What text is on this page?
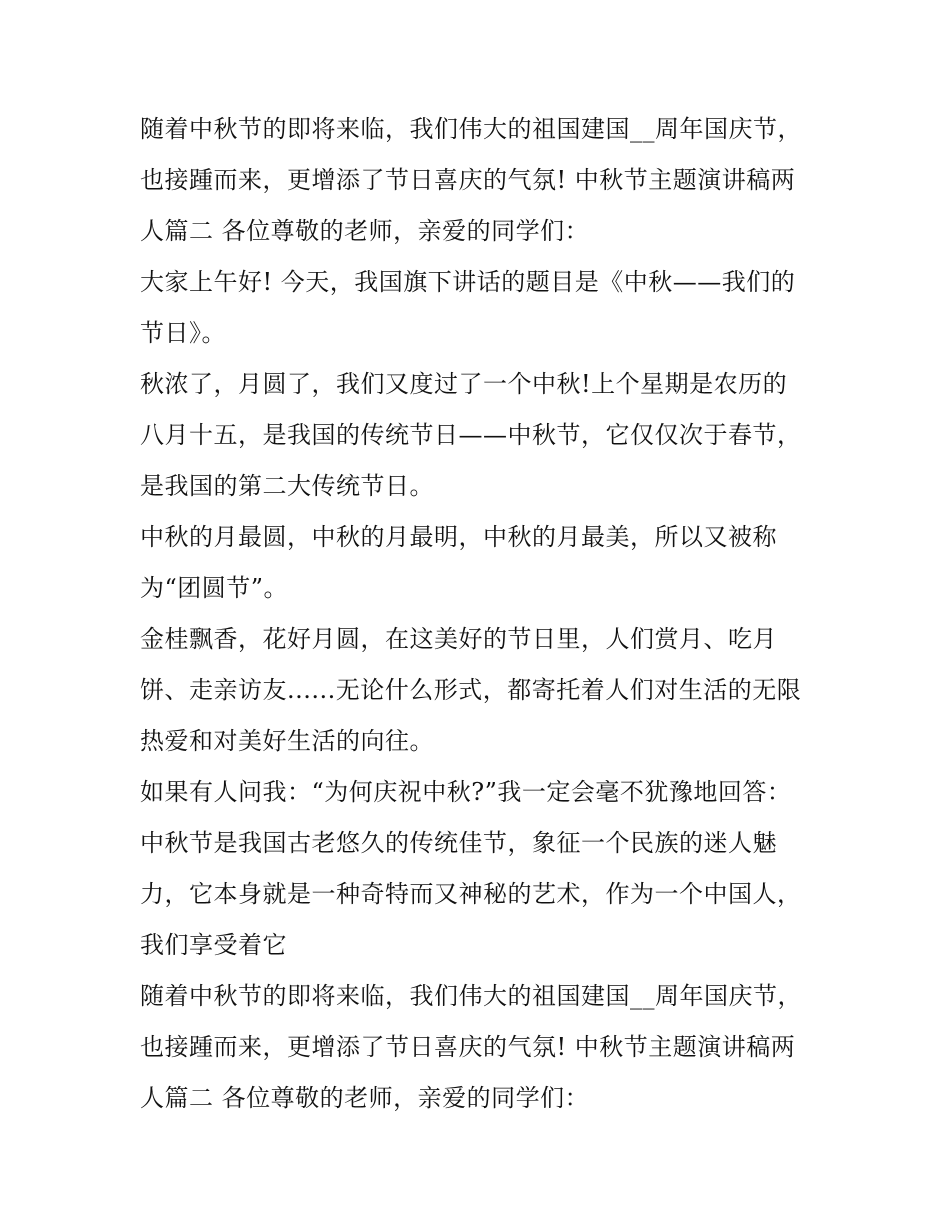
随着中秋节的即将来临，我们伟大的祖国建国__周年国庆节，
也接踵而来，更增添了节日喜庆的气氛! 中秋节主题演讲稿两
人篇二 各位尊敬的老师，亲爱的同学们：
大家上午好! 今天，我国旗下讲话的题目是《中秋——我们的
节日》。
秋浓了，月圆了，我们又度过了一个中秋!上个星期是农历的
八月十五，是我国的传统节日——中秋节，它仅仅次于春节，
是我国的第二大传统节日。
中秋的月最圆，中秋的月最明，中秋的月最美，所以又被称
为“团圆节”。
金桂飘香，花好月圆，在这美好的节日里，人们赏月、吃月
饼、走亲访友......无论什么形式，都寄托着人们对生活的无限
热爱和对美好生活的向往。
如果有人问我：“为何庆祝中秋?”我一定会毫不犹豫地回答：
中秋节是我国古老悠久的传统佳节，象征一个民族的迷人魅
力，它本身就是一种奇特而又神秘的艺术，作为一个中国人，
我们享受着它
随着中秋节的即将来临，我们伟大的祖国建国__周年国庆节，
也接踵而来，更增添了节日喜庆的气氛! 中秋节主题演讲稿两
人篇二 各位尊敬的老师，亲爱的同学们：
